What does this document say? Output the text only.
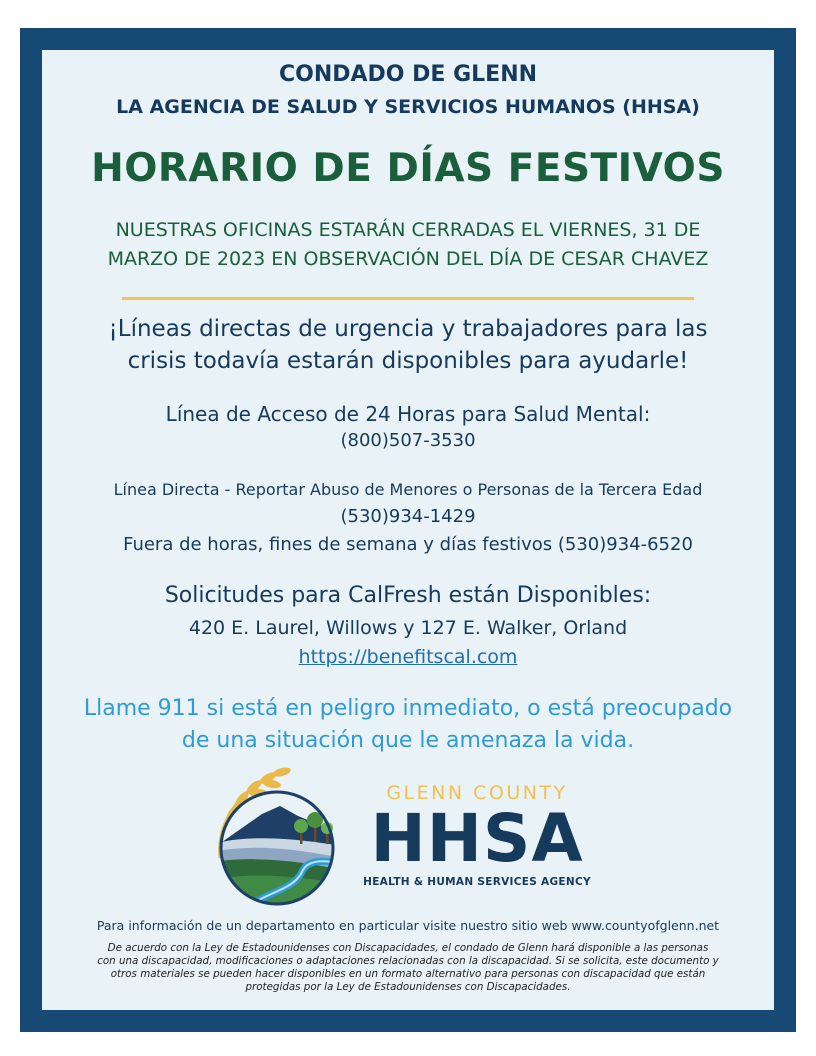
CONDADO DE GLENN
LA AGENCIA DE SALUD Y SERVICIOS HUMANOS (HHSA)
HORARIO DE DÍAS FESTIVOS
NUESTRAS OFICINAS ESTARÁN CERRADAS EL VIERNES, 31 DE
MARZO DE 2023 EN OBSERVACIÓN DEL DÍA DE CESAR CHAVEZ
¡Líneas directas de urgencia y trabajadores para las
crisis todavía estarán disponibles para ayudarle!
Línea de Acceso de 24 Horas para Salud Mental:
(800)507-3530
Línea Directa - Reportar Abuso de Menores o Personas de la Tercera Edad
(530)934-1429
Fuera de horas, fines de semana y días festivos (530)934-6520
Solicitudes para CalFresh están Disponibles:
420 E. Laurel, Willows y 127 E. Walker, Orland
https://benefitscal.com
Llame 911 si está en peligro inmediato, o está preocupado
de una situación que le amenaza la vida.
GLENN COUNTY
HHSA
HEALTH & HUMAN SERVICES AGENCY
Para información de un departamento en particular visite nuestro sitio web www.countyofglenn.net
De acuerdo con la Ley de Estadounidenses con Discapacidades, el condado de Glenn hará disponible a las personas
con una discapacidad, modificaciones o adaptaciones relacionadas con la discapacidad. Si se solicita, este documento y
otros materiales se pueden hacer disponibles en un formato alternativo para personas con discapacidad que están
protegidas por la Ley de Estadounidenses con Discapacidades.
